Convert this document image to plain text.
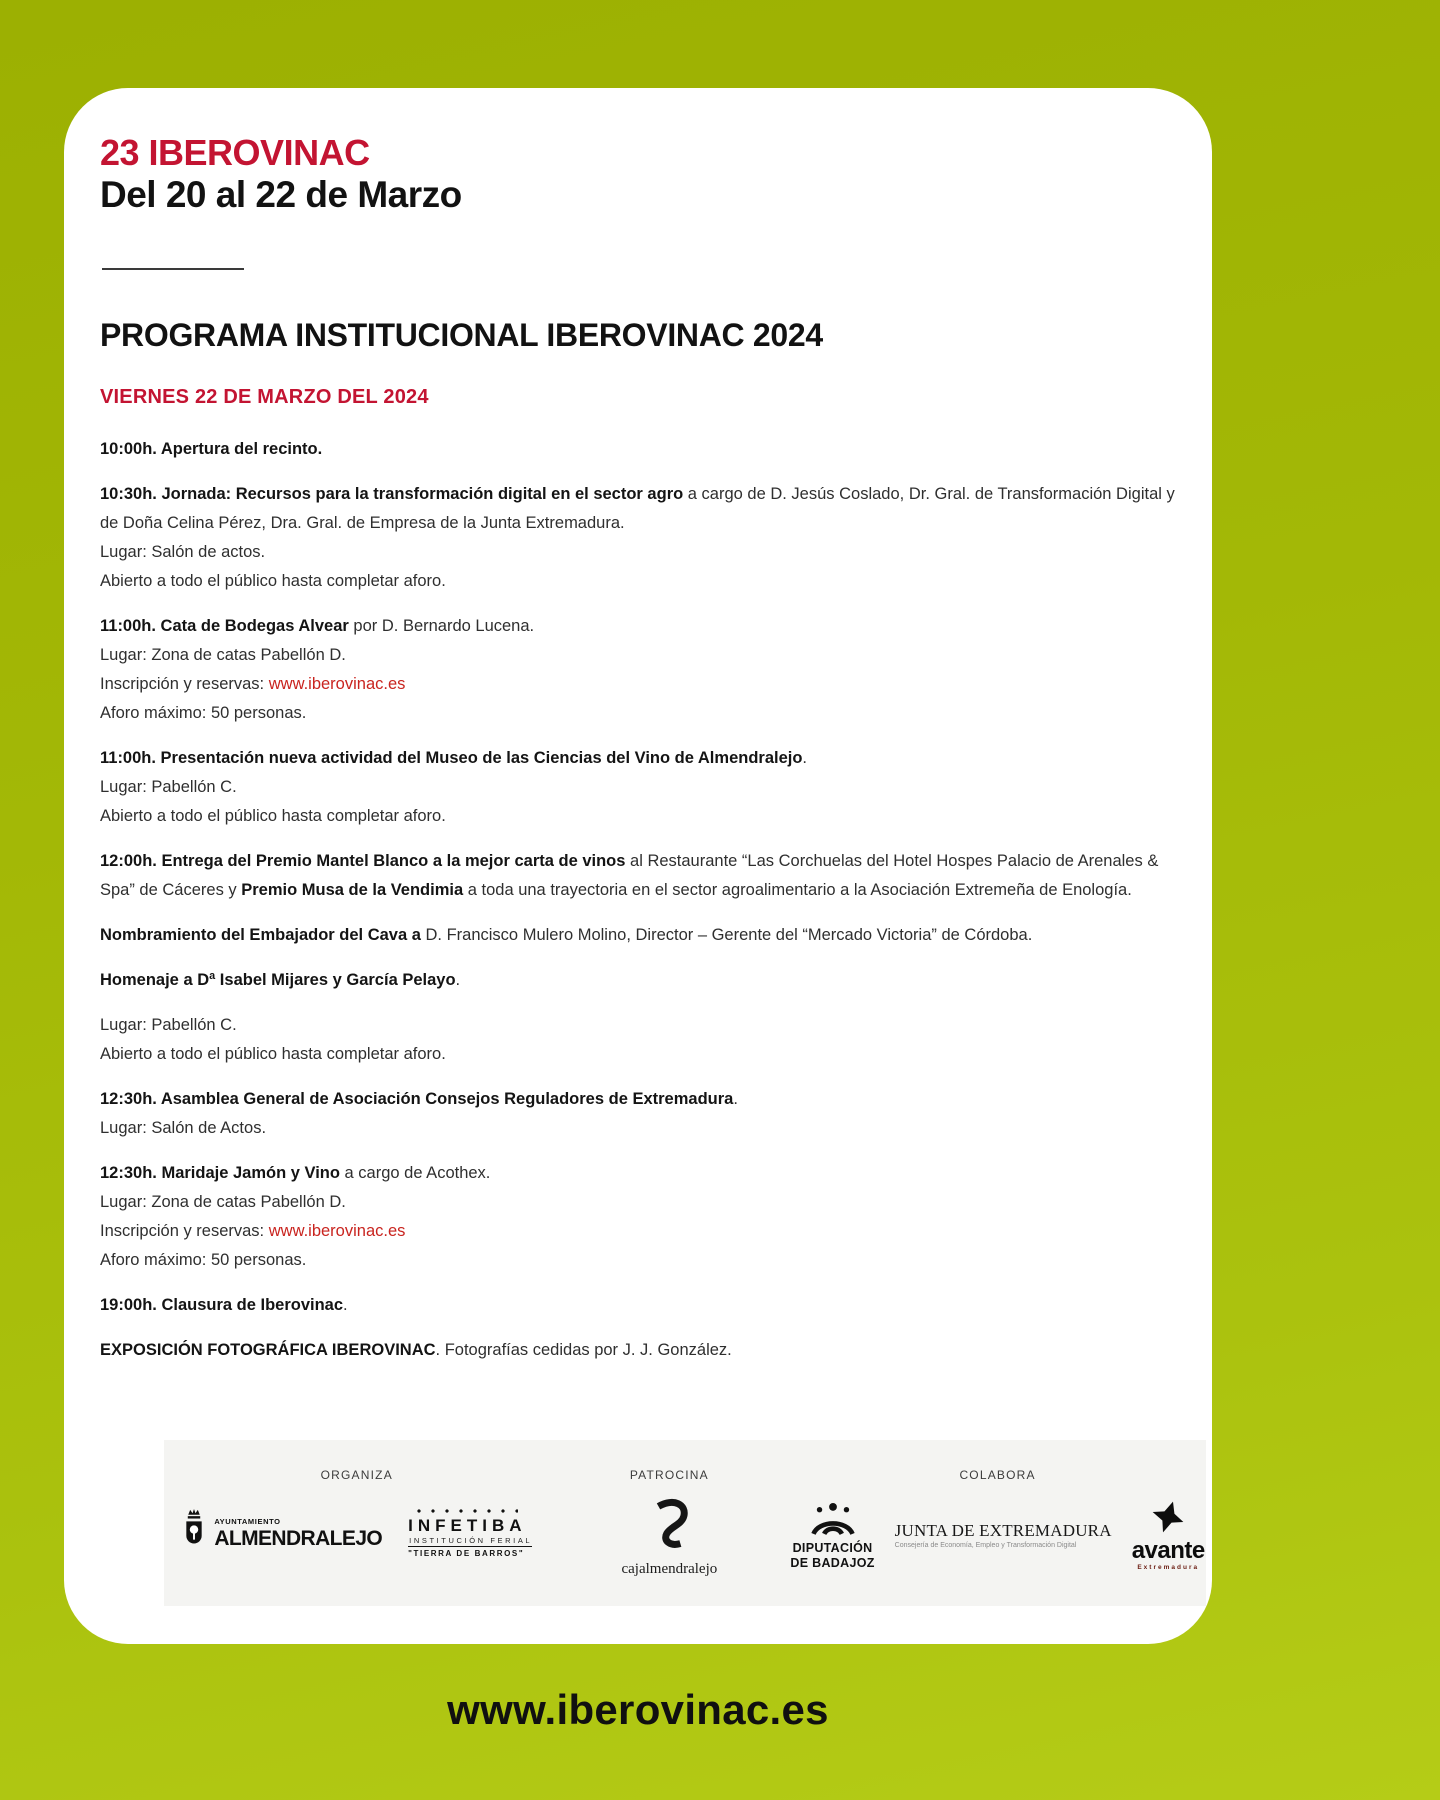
23 IBEROVINAC
Del 20 al 22 de Marzo
PROGRAMA INSTITUCIONAL IBEROVINAC 2024
VIERNES 22 DE MARZO DEL 2024

10:00h. Apertura del recinto.

10:30h. Jornada: Recursos para la transformación digital en el sector agro a cargo de D. Jesús Coslado, Dr. Gral. de Transformación Digital y de Doña Celina Pérez, Dra. Gral. de Empresa de la Junta Extremadura.

Lugar: Salón de actos.

Abierto a todo el público hasta completar aforo.

11:00h. Cata de Bodegas Alvear por D. Bernardo Lucena.

Lugar: Zona de catas Pabellón D.

Inscripción y reservas: www.iberovinac.es

Aforo máximo: 50 personas.

11:00h. Presentación nueva actividad del Museo de las Ciencias del Vino de Almendralejo.

Lugar: Pabellón C.

Abierto a todo el público hasta completar aforo.

12:00h. Entrega del Premio Mantel Blanco a la mejor carta de vinos al Restaurante “Las Corchuelas del Hotel Hospes Palacio de Arenales & Spa” de Cáceres y Premio Musa de la Vendimia a toda una trayectoria en el sector agroalimentario a la Asociación Extremeña de Enología.

Nombramiento del Embajador del Cava a D. Francisco Mulero Molino, Director – Gerente del “Mercado Victoria” de Córdoba.

Homenaje a Dª Isabel Mijares y García Pelayo.

Lugar: Pabellón C.

Abierto a todo el público hasta completar aforo.

12:30h. Asamblea General de Asociación Consejos Reguladores de Extremadura.

Lugar: Salón de Actos.

12:30h. Maridaje Jamón y Vino a cargo de Acothex.

Lugar: Zona de catas Pabellón D.

Inscripción y reservas: www.iberovinac.es

Aforo máximo: 50 personas.

19:00h. Clausura de Iberovinac.

EXPOSICIÓN FOTOGRÁFICA IBEROVINAC. Fotografías cedidas por J. J. González.

ORGANIZA
AYUNTAMIENTO
ALMENDRALEJO
INFETIBA
INSTITUCIÓN FERIAL
"TIERRA DE BARROS"
PATROCINA
cajalmendralejo
COLABORA
DIPUTACIÓN
DE BADAJOZ
JUNTA DE EXTREMADURA
Consejería de Economía, Empleo y Transformación Digital	avante
Extremadura
www.iberovinac.es
